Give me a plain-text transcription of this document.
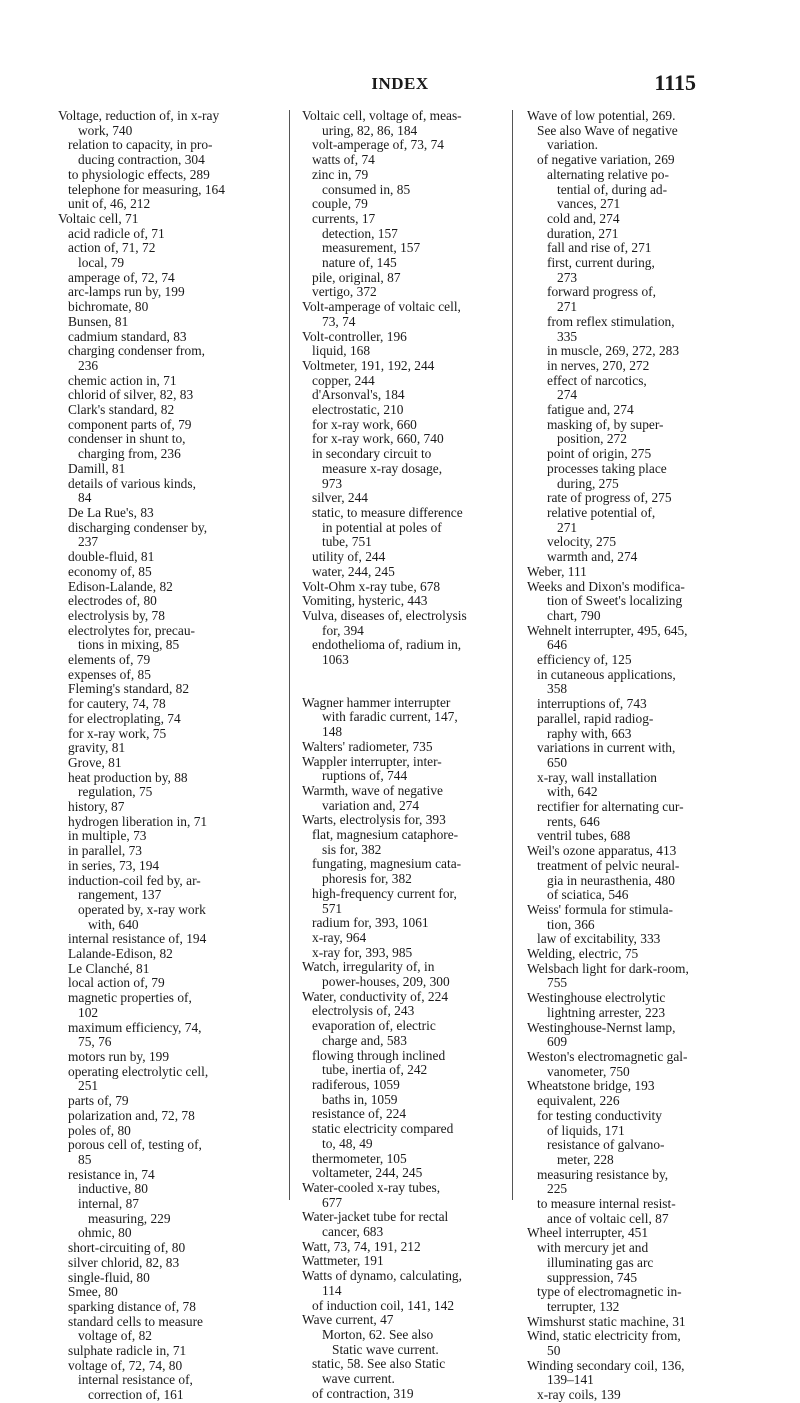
INDEX	1115
Voltage, reduction of, in x-ray
work, 740
relation to capacity, in pro-
ducing contraction, 304
to physiologic effects, 289
telephone for measuring, 164
unit of, 46, 212
Voltaic cell, 71
acid radicle of, 71
action of, 71, 72
local, 79
amperage of, 72, 74
arc-lamps run by, 199
bichromate, 80
Bunsen, 81
cadmium standard, 83
charging condenser from,
236
chemic action in, 71
chlorid of silver, 82, 83
Clark's standard, 82
component parts of, 79
condenser in shunt to,
charging from, 236
Damill, 81
details of various kinds,
84
De La Rue's, 83
discharging condenser by,
237
double-fluid, 81
economy of, 85
Edison-Lalande, 82
electrodes of, 80
electrolysis by, 78
electrolytes for, precau-
tions in mixing, 85
elements of, 79
expenses of, 85
Fleming's standard, 82
for cautery, 74, 78
for electroplating, 74
for x-ray work, 75
gravity, 81
Grove, 81
heat production by, 88
regulation, 75
history, 87
hydrogen liberation in, 71
in multiple, 73
in parallel, 73
in series, 73, 194
induction-coil fed by, ar-
rangement, 137
operated by, x-ray work
with, 640
internal resistance of, 194
Lalande-Edison, 82
Le Clanché, 81
local action of, 79
magnetic properties of,
102
maximum efficiency, 74,
75, 76
motors run by, 199
operating electrolytic cell,
251
parts of, 79
polarization and, 72, 78
poles of, 80
porous cell of, testing of,
85
resistance in, 74
inductive, 80
internal, 87
measuring, 229
ohmic, 80
short-circuiting of, 80
silver chlorid, 82, 83
single-fluid, 80
Smee, 80
sparking distance of, 78
standard cells to measure
voltage of, 82
sulphate radicle in, 71
voltage of, 72, 74, 80
internal resistance of,
correction of, 161
Voltaic cell, voltage of, meas-
uring, 82, 86, 184
volt-amperage of, 73, 74
watts of, 74
zinc in, 79
consumed in, 85
couple, 79
currents, 17
detection, 157
measurement, 157
nature of, 145
pile, original, 87
vertigo, 372
Volt-amperage of voltaic cell,
73, 74
Volt-controller, 196
liquid, 168
Voltmeter, 191, 192, 244
copper, 244
d'Arsonval's, 184
electrostatic, 210
for x-ray work, 660
for x-ray work, 660, 740
in secondary circuit to
measure x-ray dosage,
973
silver, 244
static, to measure difference
in potential at poles of
tube, 751
utility of, 244
water, 244, 245
Volt-Ohm x-ray tube, 678
Vomiting, hysteric, 443
Vulva, diseases of, electrolysis
for, 394
endothelioma of, radium in,
1063
Wagner hammer interrupter
with faradic current, 147,
148
Walters' radiometer, 735
Wappler interrupter, inter-
ruptions of, 744
Warmth, wave of negative
variation and, 274
Warts, electrolysis for, 393
flat, magnesium cataphore-
sis for, 382
fungating, magnesium cata-
phoresis for, 382
high-frequency current for,
571
radium for, 393, 1061
x-ray, 964
x-ray for, 393, 985
Watch, irregularity of, in
power-houses, 209, 300
Water, conductivity of, 224
electrolysis of, 243
evaporation of, electric
charge and, 583
flowing through inclined
tube, inertia of, 242
radiferous, 1059
baths in, 1059
resistance of, 224
static electricity compared
to, 48, 49
thermometer, 105
voltameter, 244, 245
Water-cooled x-ray tubes,
677
Water-jacket tube for rectal
cancer, 683
Watt, 73, 74, 191, 212
Wattmeter, 191
Watts of dynamo, calculating,
114
of induction coil, 141, 142
Wave current, 47
Morton, 62. See also
Static wave current.
static, 58. See also Static
wave current.
of contraction, 319
Wave of low potential, 269.
See also Wave of negative
variation.
of negative variation, 269
alternating relative po-
tential of, during ad-
vances, 271
cold and, 274
duration, 271
fall and rise of, 271
first, current during,
273
forward progress of,
271
from reflex stimulation,
335
in muscle, 269, 272, 283
in nerves, 270, 272
effect of narcotics,
274
fatigue and, 274
masking of, by super-
position, 272
point of origin, 275
processes taking place
during, 275
rate of progress of, 275
relative potential of,
271
velocity, 275
warmth and, 274
Weber, 111
Weeks and Dixon's modifica-
tion of Sweet's localizing
chart, 790
Wehnelt interrupter, 495, 645,
646
efficiency of, 125
in cutaneous applications,
358
interruptions of, 743
parallel, rapid radiog-
raphy with, 663
variations in current with,
650
x-ray, wall installation
with, 642
rectifier for alternating cur-
rents, 646
ventril tubes, 688
Weil's ozone apparatus, 413
treatment of pelvic neural-
gia in neurasthenia, 480
of sciatica, 546
Weiss' formula for stimula-
tion, 366
law of excitability, 333
Welding, electric, 75
Welsbach light for dark-room,
755
Westinghouse electrolytic
lightning arrester, 223
Westinghouse-Nernst lamp,
609
Weston's electromagnetic gal-
vanometer, 750
Wheatstone bridge, 193
equivalent, 226
for testing conductivity
of liquids, 171
resistance of galvano-
meter, 228
measuring resistance by,
225
to measure internal resist-
ance of voltaic cell, 87
Wheel interrupter, 451
with mercury jet and
illuminating gas arc
suppression, 745
type of electromagnetic in-
terrupter, 132
Wimshurst static machine, 31
Wind, static electricity from,
50
Winding secondary coil, 136,
139–141
x-ray coils, 139
